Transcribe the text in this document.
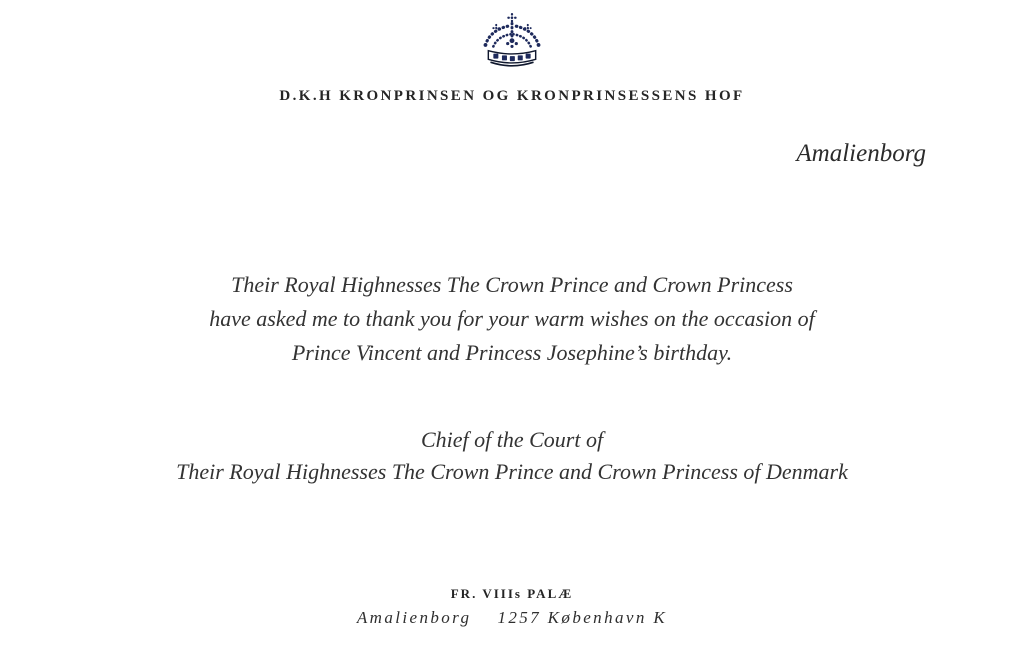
D.K.H KRONPRINSEN OG KRONPRINSESSENS HOF
Amalienborg
Their Royal Highnesses The Crown Prince and Crown Princess
have asked me to thank you for your warm wishes on the occasion of
Prince Vincent and Princess Josephine’s birthday.
Chief of the Court of
Their Royal Highnesses The Crown Prince and Crown Princess of Denmark
FR. VIIIs PALÆ
Amalienborg 1257 København K
